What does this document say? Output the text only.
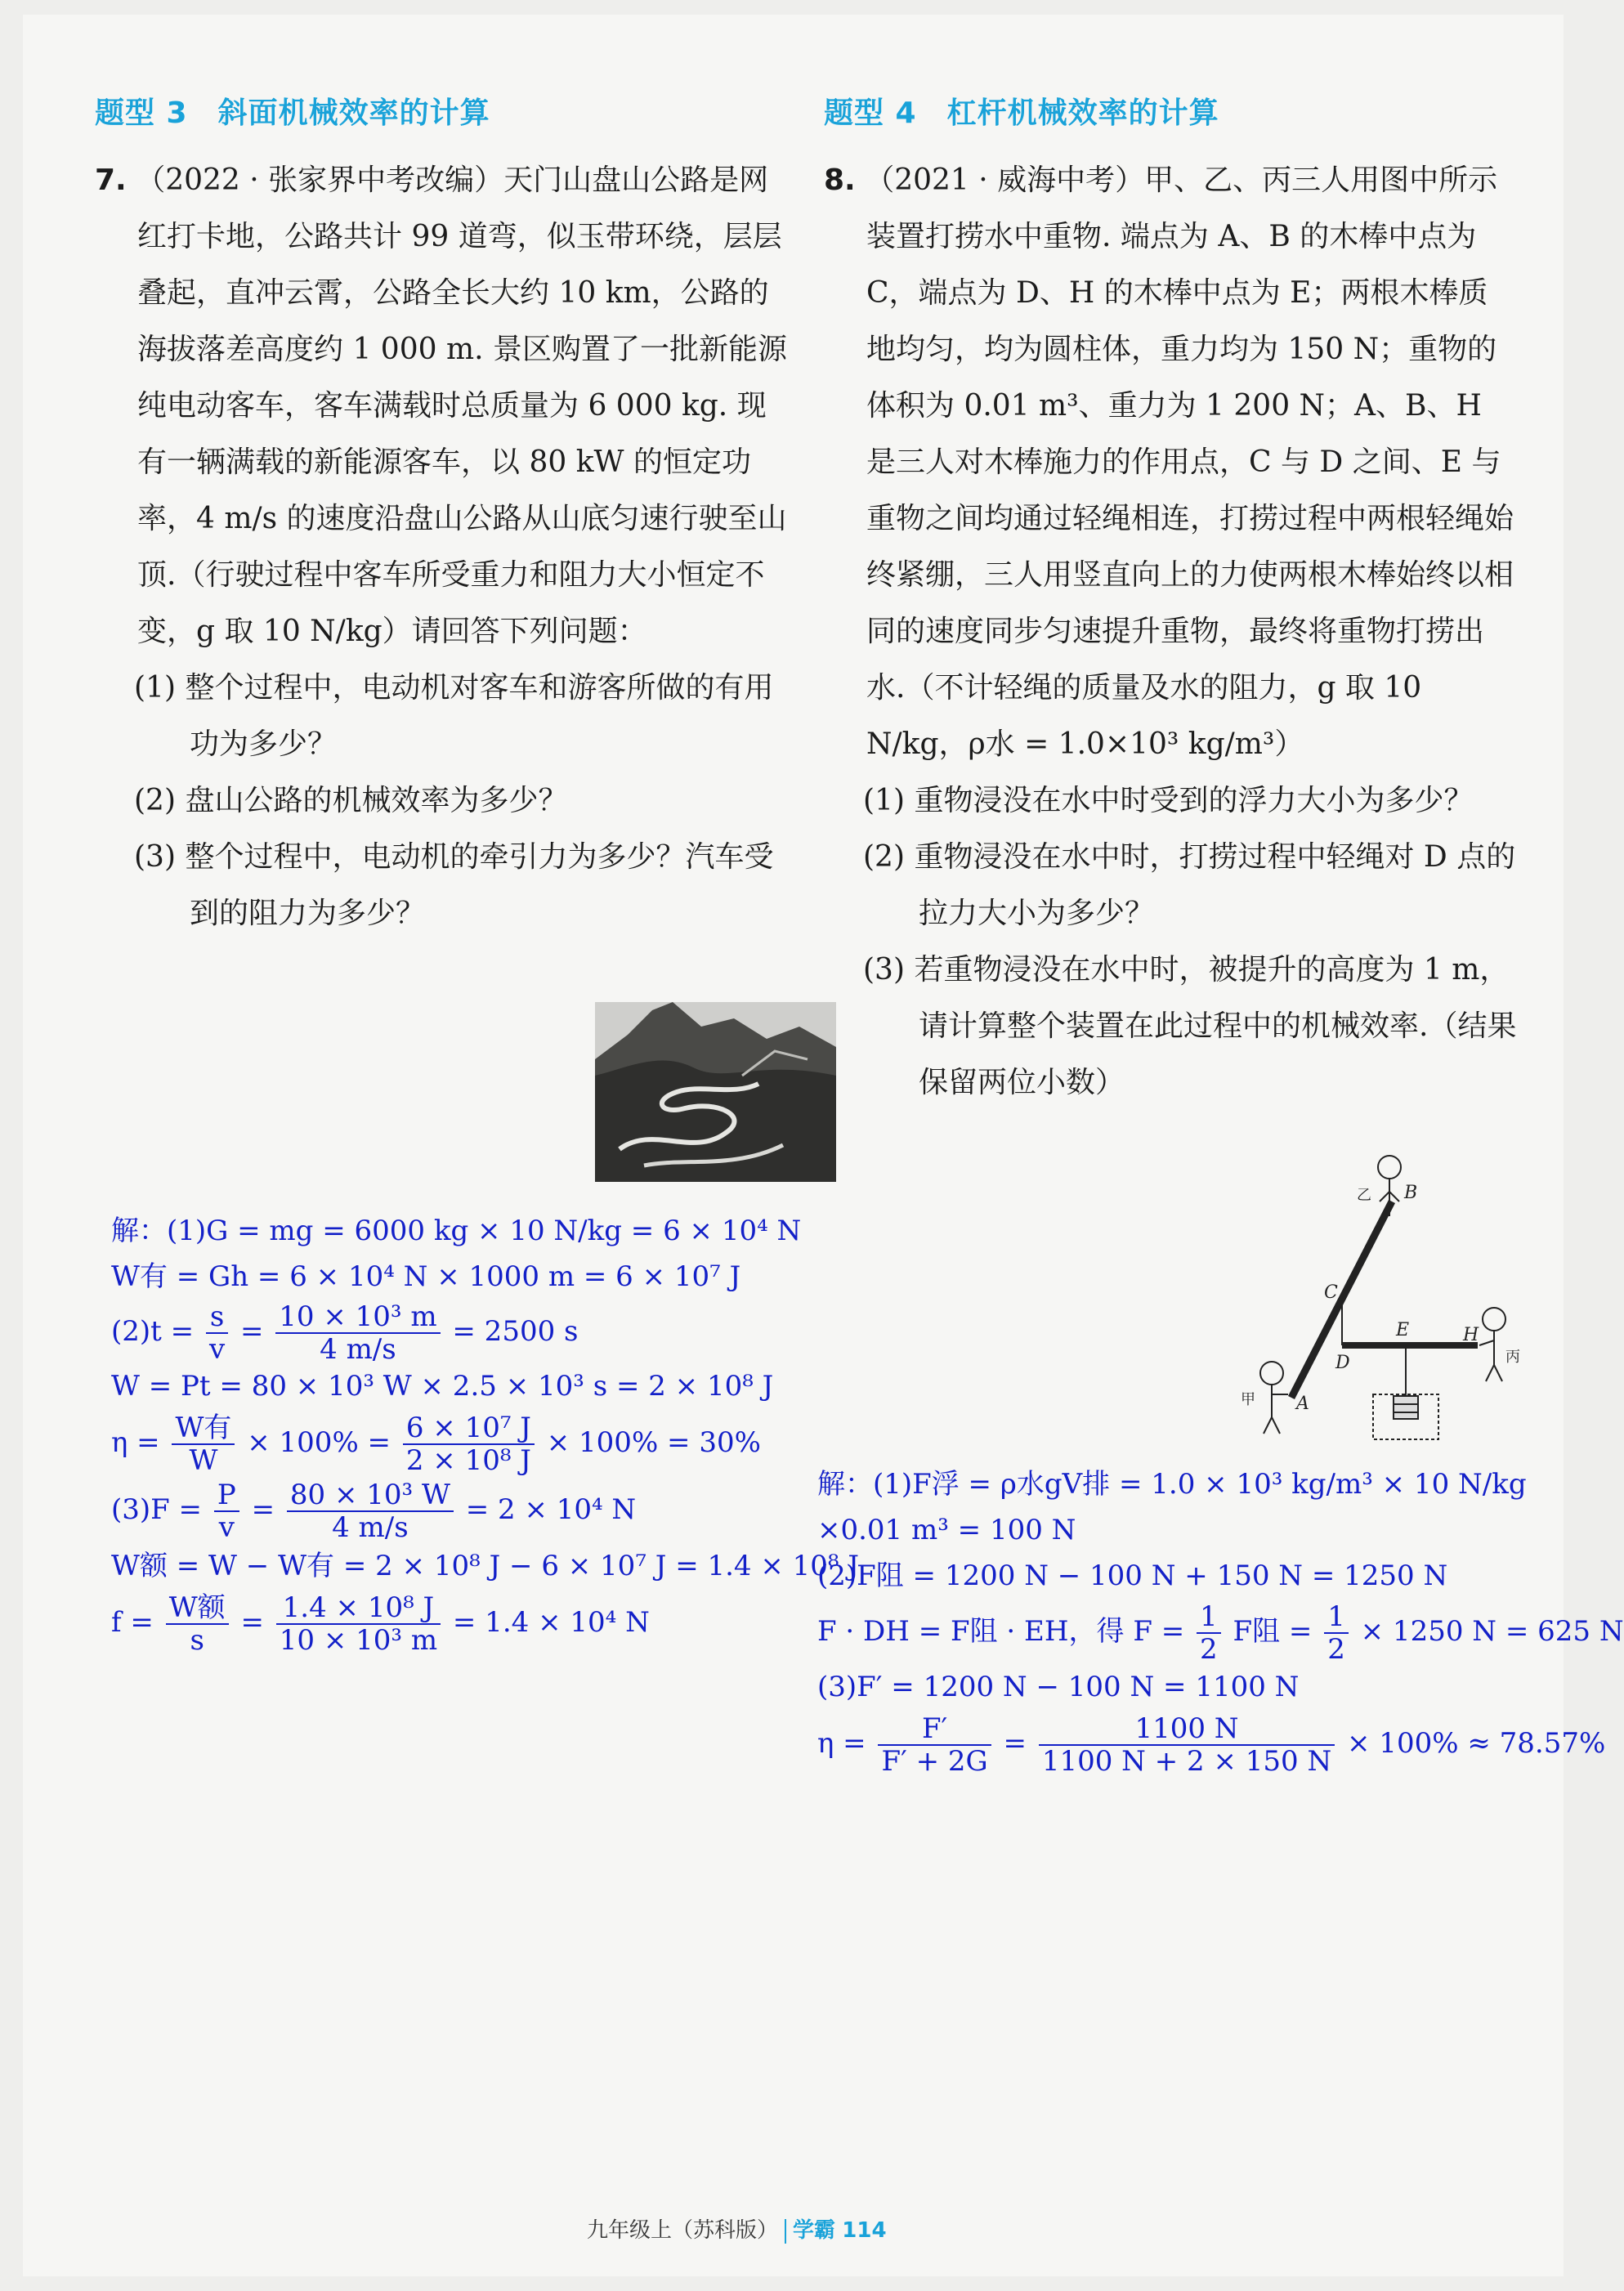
题型 3　斜面机械效率的计算

7. （2022 · 张家界中考改编）天门山盘山公路是网红打卡地，公路共计 99 道弯，似玉带环绕，层层叠起，直冲云霄，公路全长大约 10 km，公路的海拔落差高度约 1 000 m. 景区购置了一批新能源纯电动客车，客车满载时总质量为 6 000 kg. 现有一辆满载的新能源客车，以 80 kW 的恒定功率，4 m/s 的速度沿盘山公路从山底匀速行驶至山顶.（行驶过程中客车所受重力和阻力大小恒定不变，g 取 10 N/kg）请回答下列问题：

(1) 整个过程中，电动机对客车和游客所做的有用功为多少？

(2) 盘山公路的机械效率为多少？

(3) 整个过程中，电动机的牵引力为多少？汽车受到的阻力为多少？

解：(1)G = mg = 6000 kg × 10 N/kg = 6 × 10⁴ N
W有 = Gh = 6 × 10⁴ N × 1000 m = 6 × 10⁷ J
$(2)t = \frac{s}{v} = \frac{\text{10 × 10³ m}}{4 m/s} = 2500$ s
W = Pt = 80 × 10³ W × 2.5 × 10³ s = 2 × 10⁸ J
$\eta = \frac{\text{W有}}{W} \times 100\% = \frac{\text{6 × 10⁷ J}}{\text{2 × 10⁸ J}} \times 100\% = 30\%$
$(3)F = \frac{P}{v} = \frac{\text{80 × 10³ W}}{4 m/s} = 2 \times 10^4$ N
W额 = W − W有 = 2 × 10⁸ J − 6 × 10⁷ J = 1.4 × 10⁸ J
$f = \frac{\text{W额}}{s} = \frac{\text{1.4 × 10⁸ J}}{\text{10 × 10³ m}} = 1.4 \times 10^4$ N
题型 4　杠杆机械效率的计算

8. （2021 · 威海中考）甲、乙、丙三人用图中所示装置打捞水中重物. 端点为 A、B 的木棒中点为 C，端点为 D、H 的木棒中点为 E；两根木棒质地均匀，均为圆柱体，重力均为 150 N；重物的体积为 0.01 m³、重力为 1 200 N；A、B、H 是三人对木棒施力的作用点，C 与 D 之间、E 与重物之间均通过轻绳相连，打捞过程中两根轻绳始终紧绷，三人用竖直向上的力使两根木棒始终以相同的速度同步匀速提升重物，最终将重物打捞出水.（不计轻绳的质量及水的阻力，g 取 10 N/kg，ρ水 = 1.0×10³ kg/m³）

(1) 重物浸没在水中时受到的浮力大小为多少？

(2) 重物浸没在水中时，打捞过程中轻绳对 D 点的拉力大小为多少？

(3) 若重物浸没在水中时，被提升的高度为 1 m，请计算整个装置在此过程中的机械效率.（结果保留两位小数）

解：(1)F浮 = ρ水gV排 = 1.0 × 10³ kg/m³ × 10 N/kg
×0.01 m³ = 100 N
(2)F阻 = 1200 N − 100 N + 150 N = 1250 N
F · DH = F阻 · EH，得 $F = \frac{1}{2}$ F阻 = $\frac{1}{2} \times 1250$ N = 625 N
(3)F′ = 1200 N − 100 N = 1100 N
$\eta = \frac{F'}{F' + 2G} = \frac{1100 N}{1100 N + 2 \times 150 N} \times 100\% \approx 78.57\%$
B
C
E
D
H
A
乙
丙
甲
九年级上（苏科版） 学霸 114
